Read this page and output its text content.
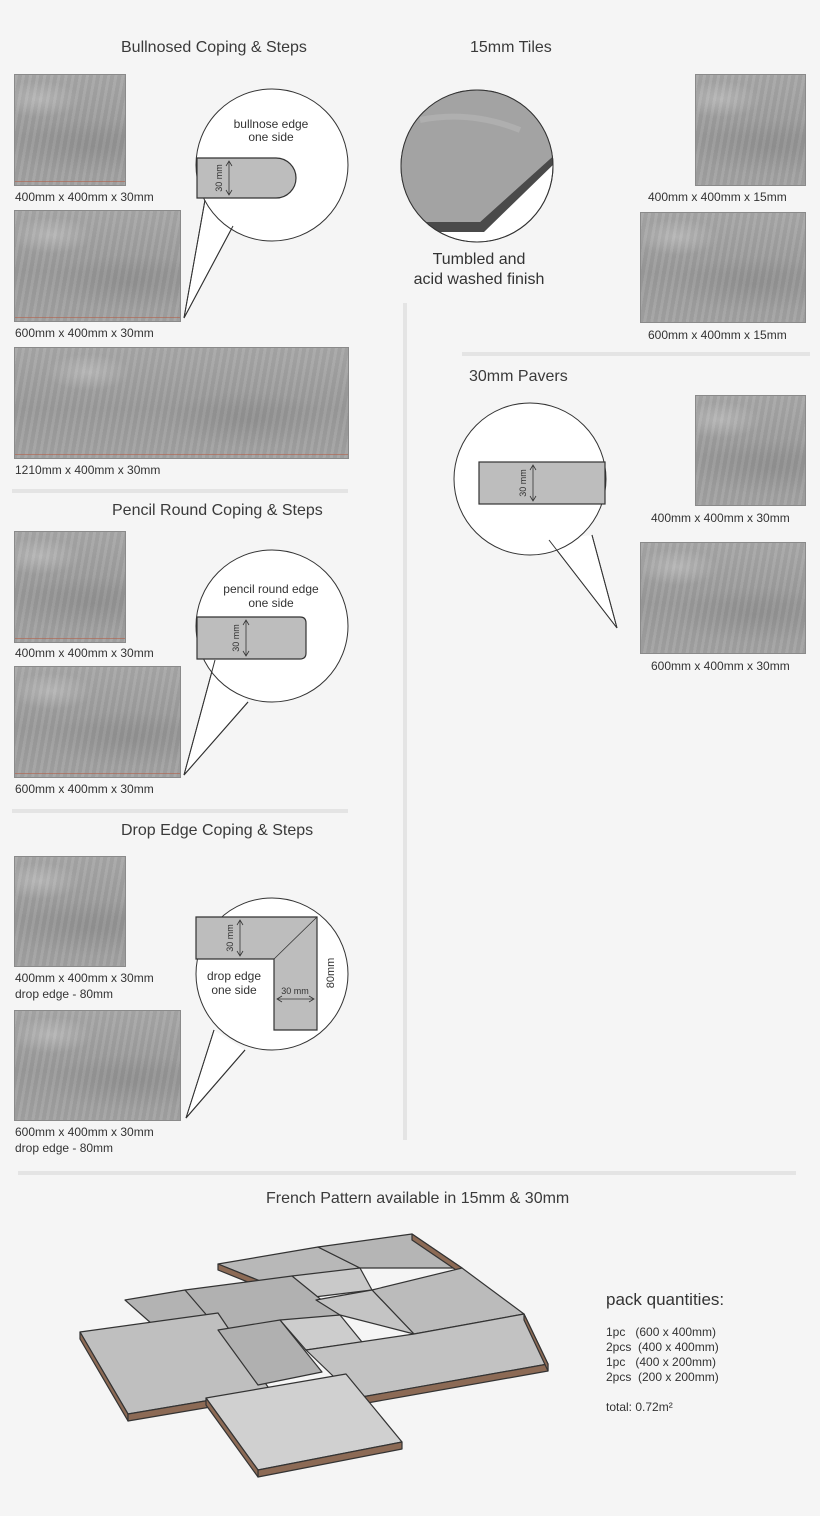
Bullnosed Coping & Steps
400mm x 400mm x 30mm
600mm x 400mm x 30mm
1210mm x 400mm x 30mm
30 mm
bullnose edge
one side
15mm Tiles
Tumbled and
acid washed finish
400mm x 400mm x 15mm
600mm x 400mm x 15mm
Pencil Round Coping & Steps
400mm x 400mm x 30mm
600mm x 400mm x 30mm
30 mm
pencil round edge
one side
30mm Pavers
30 mm
400mm x 400mm x 30mm
600mm x 400mm x 30mm
Drop Edge Coping & Steps
400mm x 400mm x 30mm
drop edge - 80mm
600mm x 400mm x 30mm
drop edge - 80mm
30 mm
30 mm
80mm
drop edge
one side
French Pattern available in 15mm & 30mm
pack quantities:
1pc   (600 x 400mm)
2pcs  (400 x 400mm)
1pc   (400 x 200mm)
2pcs  (200 x 200mm)
total: 0.72m²
